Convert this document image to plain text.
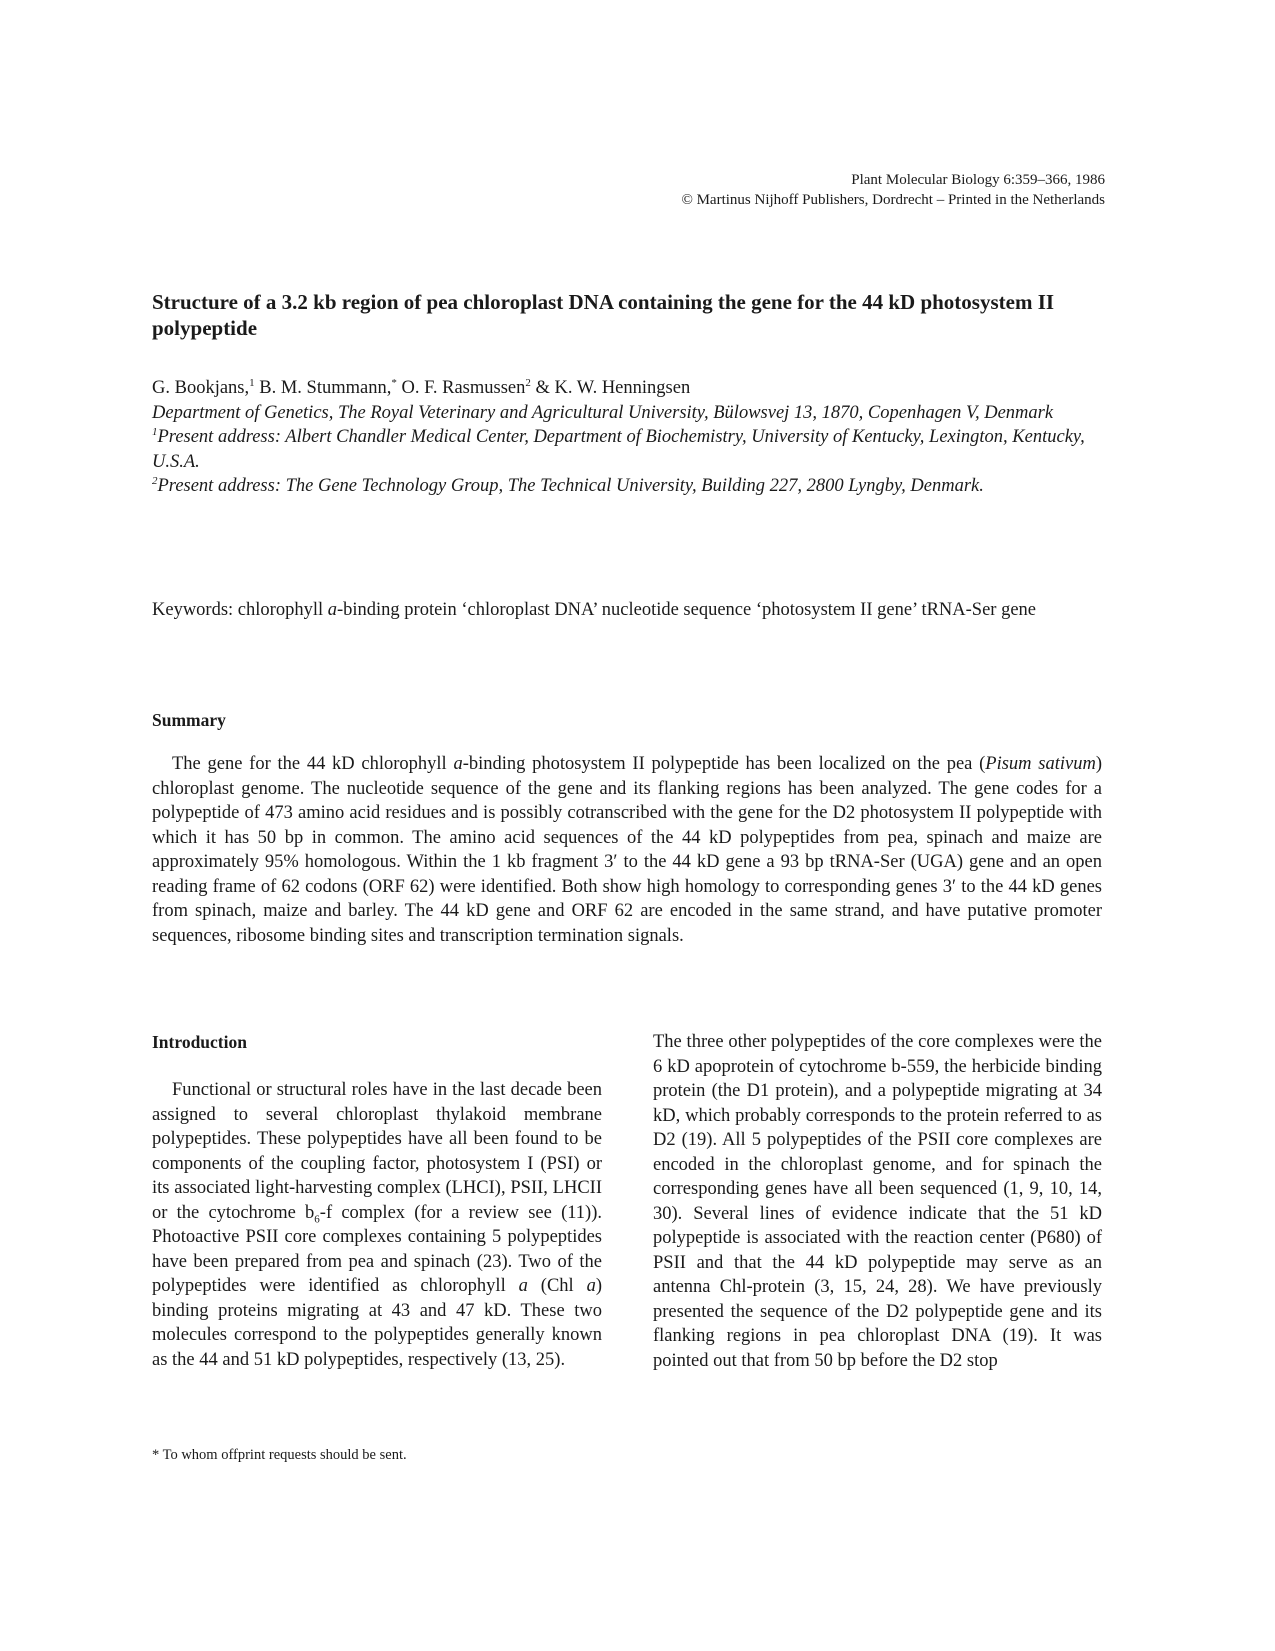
Plant Molecular Biology 6:359–366, 1986
© Martinus Nijhoff Publishers, Dordrecht – Printed in the Netherlands
Structure of a 3.2 kb region of pea chloroplast DNA containing the gene for the 44 kD photosystem II polypeptide
G. Bookjans,$^1$ B. M. Stummann,* O. F. Rasmussen$^2$ & K. W. Henningsen
Department of Genetics, The Royal Veterinary and Agricultural University, Bülowsvej 13, 1870, Copenhagen V, Denmark
$^1$Present address: Albert Chandler Medical Center, Department of Biochemistry, University of Kentucky, Lexington, Kentucky, U.S.A.
$^2$Present address: The Gene Technology Group, The Technical University, Building 227, 2800 Lyngby, Denmark.
Keywords: chlorophyll a-binding protein ‘chloroplast DNA’ nucleotide sequence ‘photosystem II gene’ tRNA-Ser gene
Summary

The gene for the 44 kD chlorophyll a-binding photosystem II polypeptide has been localized on the pea (Pisum sativum) chloroplast genome. The nucleotide sequence of the gene and its flanking regions has been analyzed. The gene codes for a polypeptide of 473 amino acid residues and is possibly cotranscribed with the gene for the D2 photosystem II polypeptide with which it has 50 bp in common. The amino acid sequences of the 44 kD polypeptides from pea, spinach and maize are approximately 95% homologous. Within the 1 kb fragment 3′ to the 44 kD gene a 93 bp tRNA-Ser (UGA) gene and an open reading frame of 62 codons (ORF 62) were identified. Both show high homology to corresponding genes 3′ to the 44 kD genes from spinach, maize and barley. The 44 kD gene and ORF 62 are encoded in the same strand, and have putative promoter sequences, ribosome binding sites and transcription termination signals.

Introduction

Functional or structural roles have in the last decade been assigned to several chloroplast thylakoid membrane polypeptides. These polypeptides have all been found to be components of the coupling factor, photosystem I (PSI) or its associated light-harvesting complex (LHCI), PSII, LHCII or the cytochrome $b_6-f$ complex (for a review see (11)). Photoactive PSII core complexes containing 5 polypeptides have been prepared from pea and spinach (23). Two of the polypeptides were identified as chlorophyll a (Chl a) binding proteins migrating at 43 and 47 kD. These two molecules correspond to the polypeptides generally known as the 44 and 51 kD polypeptides, respectively (13, 25).

The three other polypeptides of the core complexes were the 6 kD apoprotein of cytochrome b-559, the herbicide binding protein (the D1 protein), and a polypeptide migrating at 34 kD, which probably corresponds to the protein referred to as D2 (19). All 5 polypeptides of the PSII core complexes are encoded in the chloroplast genome, and for spinach the corresponding genes have all been sequenced (1, 9, 10, 14, 30). Several lines of evidence indicate that the 51 kD polypeptide is associated with the reaction center (P680) of PSII and that the 44 kD polypeptide may serve as an antenna Chl-protein (3, 15, 24, 28). We have previously presented the sequence of the D2 polypeptide gene and its flanking regions in pea chloroplast DNA (19). It was pointed out that from 50 bp before the D2 stop

* To whom offprint requests should be sent.
